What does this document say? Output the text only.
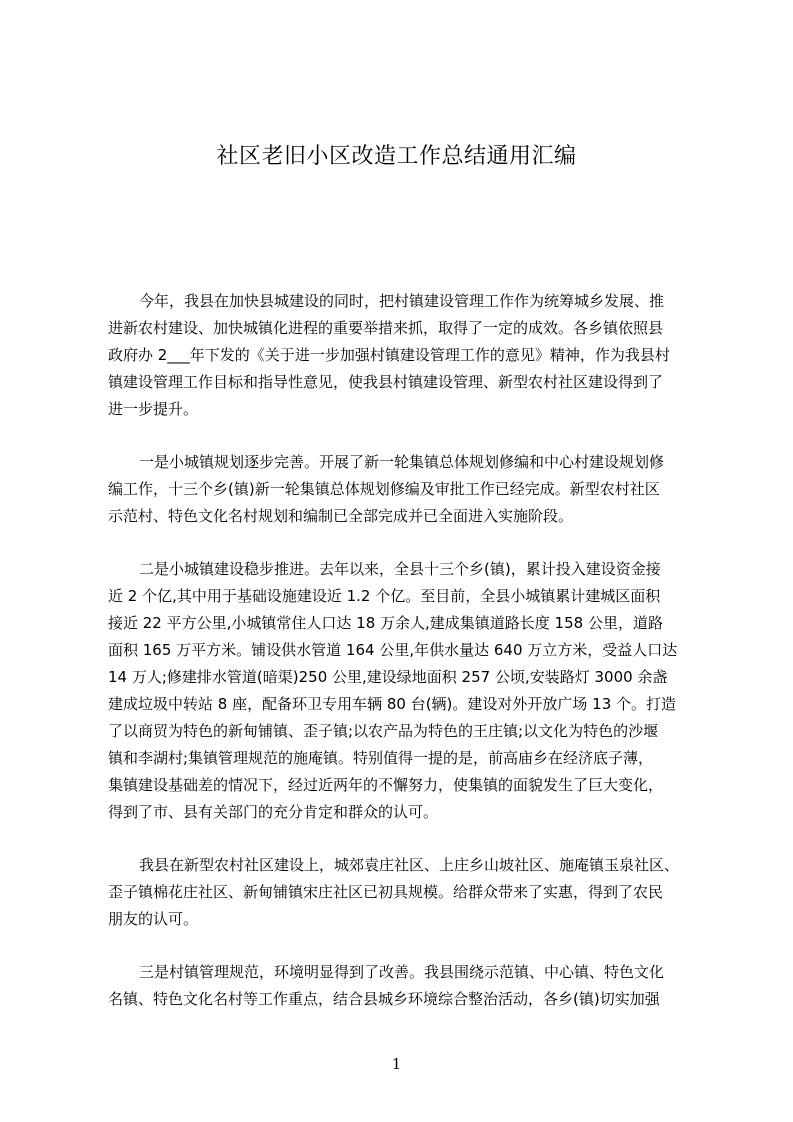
社区老旧小区改造工作总结通用汇编
今年，我县在加快县城建设的同时，把村镇建设管理工作作为统筹城乡发展、推
进新农村建设、加快城镇化进程的重要举措来抓，取得了一定的成效。各乡镇依照县
政府办 2___年下发的《关于进一步加强村镇建设管理工作的意见》精神，作为我县村
镇建设管理工作目标和指导性意见，使我县村镇建设管理、新型农村社区建设得到了
进一步提升。
一是小城镇规划逐步完善。开展了新一轮集镇总体规划修编和中心村建设规划修
编工作，十三个乡(镇)新一轮集镇总体规划修编及审批工作已经完成。新型农村社区
示范村、特色文化名村规划和编制已全部完成并已全面进入实施阶段。
二是小城镇建设稳步推进。去年以来，全县十三个乡(镇)，累计投入建设资金接
近 2 个亿,其中用于基础设施建设近 1.2 个亿。至目前，全县小城镇累计建城区面积
接近 22 平方公里,小城镇常住人口达 18 万余人,建成集镇道路长度 158 公里，道路
面积 165 万平方米。铺设供水管道 164 公里,年供水量达 640 万立方米，受益人口达
14 万人;修建排水管道(暗渠)250 公里,建设绿地面积 257 公顷,安装路灯 3000 余盏
建成垃圾中转站 8 座，配备环卫专用车辆 80 台(辆)。建设对外开放广场 13 个。打造
了以商贸为特色的新甸铺镇、歪子镇;以农产品为特色的王庄镇;以文化为特色的沙堰
镇和李湖村;集镇管理规范的施庵镇。特别值得一提的是，前高庙乡在经济底子薄，
集镇建设基础差的情况下，经过近两年的不懈努力，使集镇的面貌发生了巨大变化，
得到了市、县有关部门的充分肯定和群众的认可。
我县在新型农村社区建设上，城郊袁庄社区、上庄乡山坡社区、施庵镇玉泉社区、
歪子镇棉花庄社区、新甸铺镇宋庄社区已初具规模。给群众带来了实惠，得到了农民
朋友的认可。
三是村镇管理规范，环境明显得到了改善。我县围绕示范镇、中心镇、特色文化
名镇、特色文化名村等工作重点，结合县城乡环境综合整治活动，各乡(镇)切实加强
1
